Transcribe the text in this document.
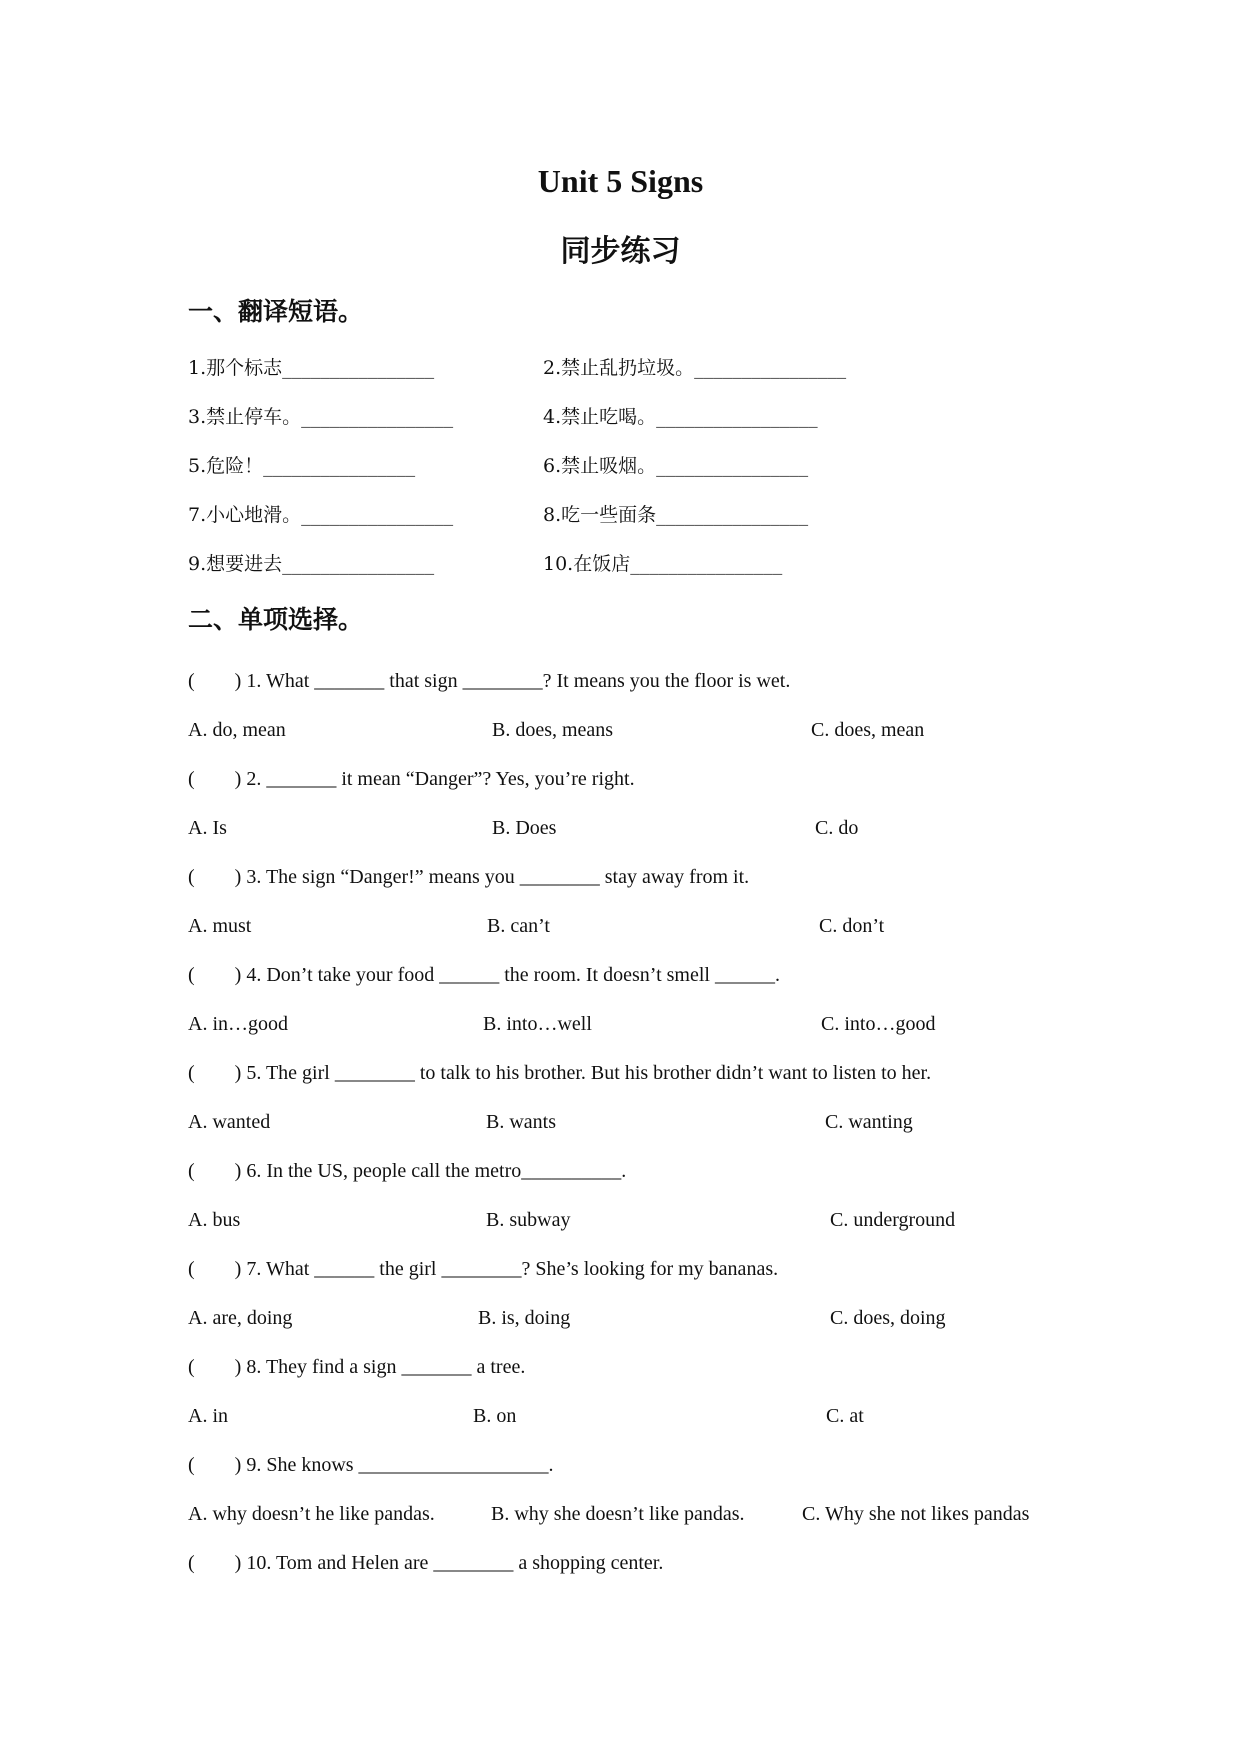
Unit 5 Signs
同步练习
一、翻译短语。
1.那个标志________________	2.禁止乱扔垃圾。________________
3.禁止停车。________________	4.禁止吃喝。_________________
5.危险！________________	6.禁止吸烟。________________
7.小心地滑。________________	8.吃一些面条________________
9.想要进去________________	10.在饭店________________
二、单项选择。
(        ) 1. What _______ that sign ________? It means you the floor is wet.
A. do, mean	B. does, means	C. does, mean
(        ) 2. _______ it mean “Danger”? Yes, you’re right.
A. Is	B. Does	C. do
(        ) 3. The sign “Danger!” means you ________ stay away from it.
A. must	B. can’t	C. don’t
(        ) 4. Don’t take your food ______ the room. It doesn’t smell ______.
A. in…good	B. into…well	C. into…good
(        ) 5. The girl ________ to talk to his brother. But his brother didn’t want to listen to her.
A. wanted	B. wants	C. wanting
(        ) 6. In the US, people call the metro__________.
A. bus	B. subway	C. underground
(        ) 7. What ______ the girl ________? She’s looking for my bananas.
A. are, doing	B. is, doing	C. does, doing
(        ) 8. They find a sign _______ a tree.
A. in	B. on	C. at
(        ) 9. She knows ___________________.
A. why doesn’t he like pandas.	B. why she doesn’t like pandas.	C. Why she not likes pandas
(        ) 10. Tom and Helen are ________ a shopping center.
